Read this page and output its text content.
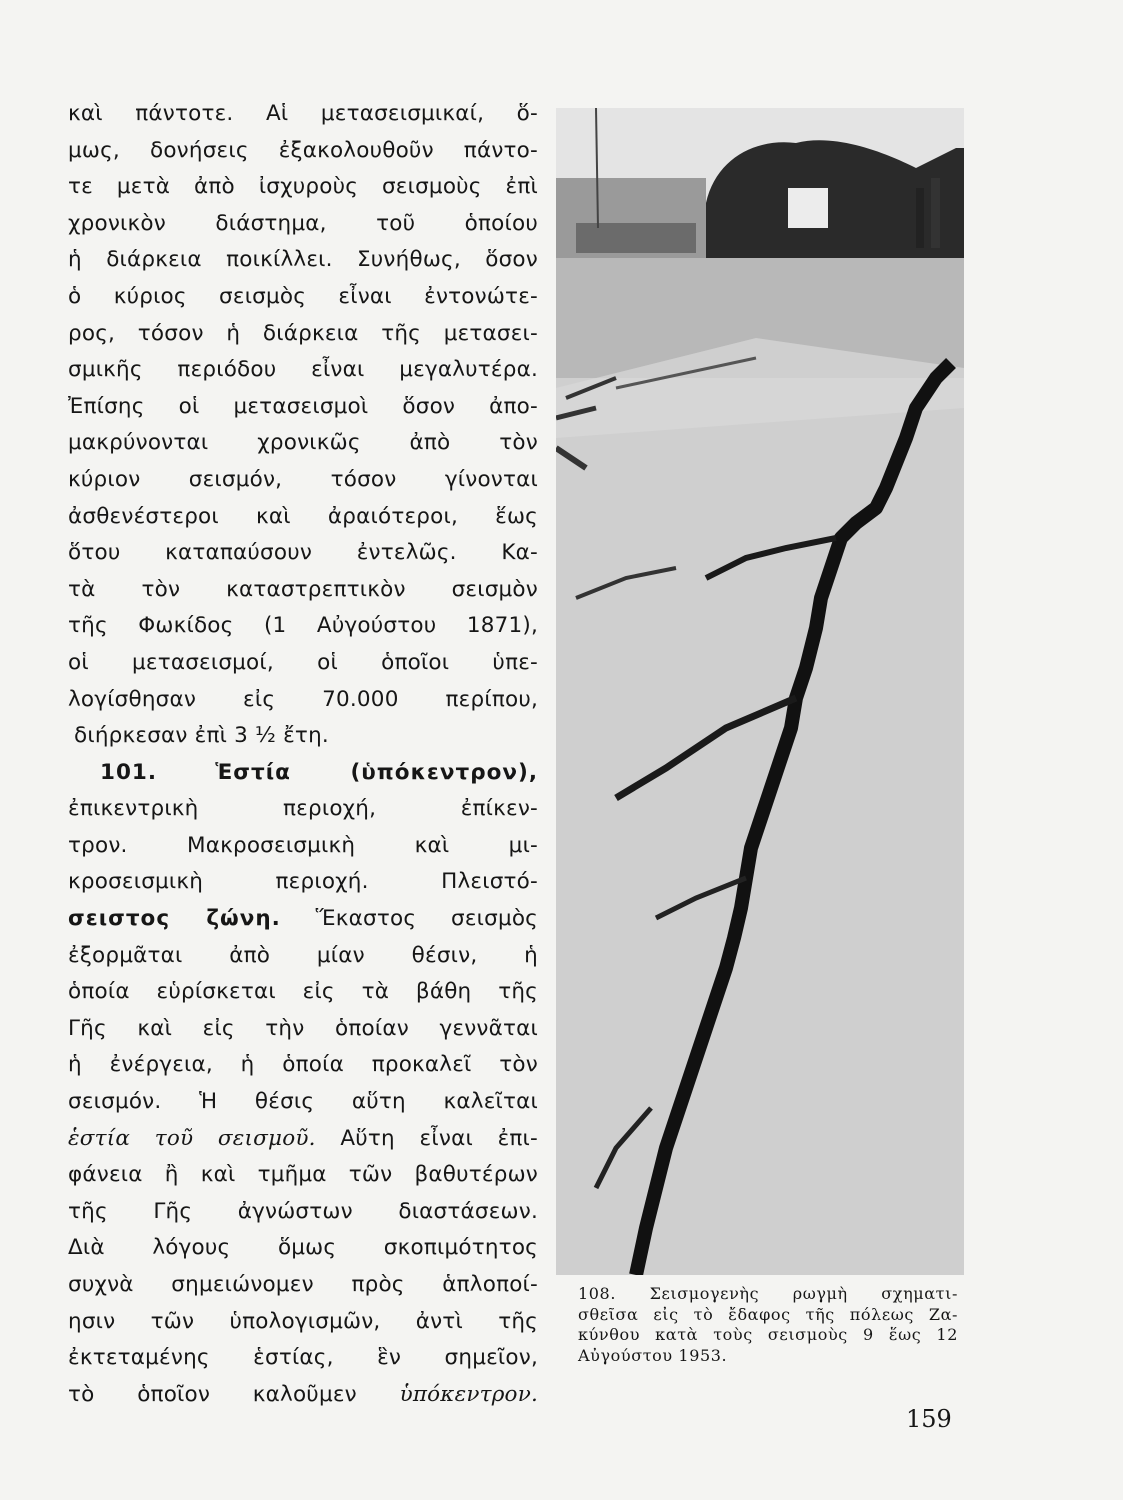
καὶ πάντοτε. Αἱ μετασεισμικαί, ὅ-
μως, δονήσεις ἐξακολουθοῦν πάντο-
τε μετὰ ἀπὸ ἰσχυροὺς σεισμοὺς ἐπὶ
χρονικὸν διάστημα, τοῦ ὁποίου
ἡ διάρκεια ποικίλλει. Συνήθως, ὅσον
ὁ κύριος σεισμὸς εἶναι ἐντονώτε-
ρος, τόσον ἡ διάρκεια τῆς μετασει-
σμικῆς περιόδου εἶναι μεγαλυτέρα.
Ἐπίσης οἱ μετασεισμοὶ ὅσον ἀπο-
μακρύνονται χρονικῶς ἀπὸ τὸν
κύριον σεισμόν, τόσον γίνονται
ἀσθενέστεροι καὶ ἀραιότεροι, ἕως
ὅτου καταπαύσουν ἐντελῶς. Κα-
τὰ τὸν καταστρεπτικὸν σεισμὸν
τῆς Φωκίδος (1 Αὐγούστου 1871),
οἱ μετασεισμοί, οἱ ὁποῖοι ὑπε-
λογίσθησαν εἰς 70.000 περίπου,
διήρκεσαν ἐπὶ 3 ½ ἔτη.
101.	Ἑστία (ὑπόκεντρον),
ἐπικεντρικὴ περιοχή, ἐπίκεν-
τρον. Μακροσεισμικὴ καὶ μι-
κροσεισμικὴ περιοχή. Πλειστό-
σειστος ζώνη. Ἕκαστος σεισμὸς
ἐξορμᾶται ἀπὸ μίαν θέσιν, ἡ
ὁποία εὑρίσκεται εἰς τὰ βάθη τῆς
Γῆς καὶ εἰς τὴν ὁποίαν γεννᾶται
ἡ ἐνέργεια, ἡ ὁποία προκαλεῖ τὸν
σεισμόν. Ἡ θέσις αὕτη καλεῖται
ἑστία τοῦ σεισμοῦ. Αὕτη εἶναι ἐπι-
φάνεια ἢ καὶ τμῆμα τῶν βαθυτέρων
τῆς Γῆς ἀγνώστων διαστάσεων.
Διὰ λόγους ὅμως σκοπιμότητος
συχνὰ σημειώνομεν πρὸς ἁπλοποί-
ησιν τῶν ὑπολογισμῶν, ἀντὶ τῆς
ἐκτεταμένης ἑστίας, ἓν σημεῖον,
τὸ ὁποῖον καλοῦμεν ὑπόκεντρον.
108. Σεισμογενὴς ρωγμὴ σχηματι-
σθεῖσα εἰς τὸ ἔδαφος τῆς πόλεως Ζα-
κύνθου κατὰ τοὺς σεισμοὺς 9 ἕως 12
Αὐγούστου 1953.
159
